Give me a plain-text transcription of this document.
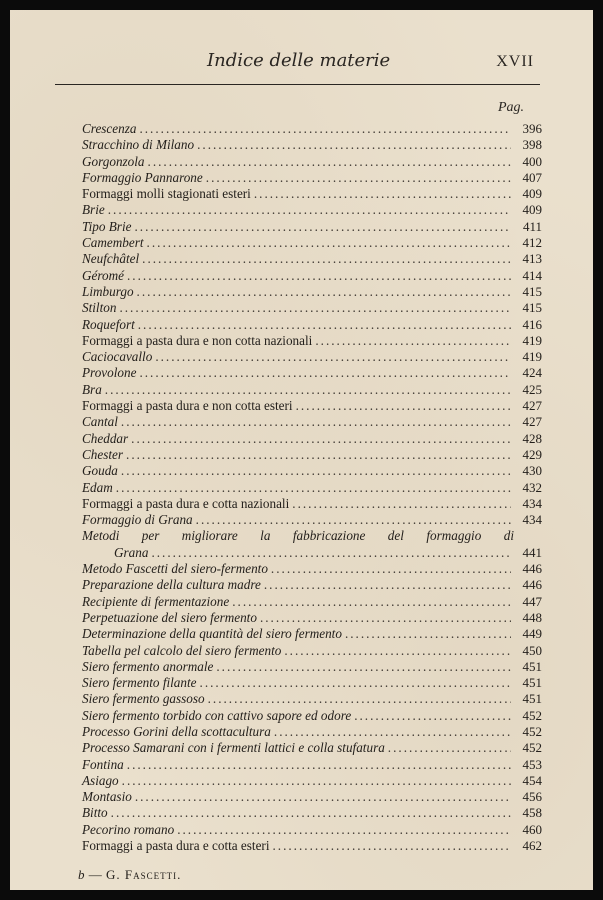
Indice delle materie	XVII
Pag.
Crescenza .....	396
Stracchino di Milano .....	398
Gorgonzola .....	400
Formaggio Pannarone .....	407
Formaggi molli stagionati esteri .....	409
Brie .....	409
Tipo Brie .....	411
Camembert .....	412
Neufchâtel .....	413
Géromé .....	414
Limburgo .....	415
Stilton .....	415
Roquefort .....	416
Formaggi a pasta dura e non cotta nazionali .....	419
Caciocavallo .....	419
Provolone .....	424
Bra .....	425
Formaggi a pasta dura e non cotta esteri .....	427
Cantal .....	427
Cheddar .....	428
Chester .....	429
Gouda .....	430
Edam .....	432
Formaggi a pasta dura e cotta nazionali .....	434
Formaggio di Grana .....	434
Metodi per migliorare la fabbricazione del formaggio di
Grana .....	441
Metodo Fascetti del siero-fermento .....	446
Preparazione della cultura madre .....	446
Recipiente di fermentazione .....	447
Perpetuazione del siero fermento .....	448
Determinazione della quantità del siero fermento .....	449
Tabella pel calcolo del siero fermento .....	450
Siero fermento anormale .....	451
Siero fermento filante .....	451
Siero fermento gassoso .....	451
Siero fermento torbido con cattivo sapore ed odore .....	452
Processo Gorini della scottacultura .....	452
Processo Samarani con i fermenti lattici e colla stufatura .....	452
Fontina .....	453
Asiago .....	454
Montasio .....	456
Bitto .....	458
Pecorino romano .....	460
Formaggi a pasta dura e cotta esteri .....	462
b — G. Fascetti.
